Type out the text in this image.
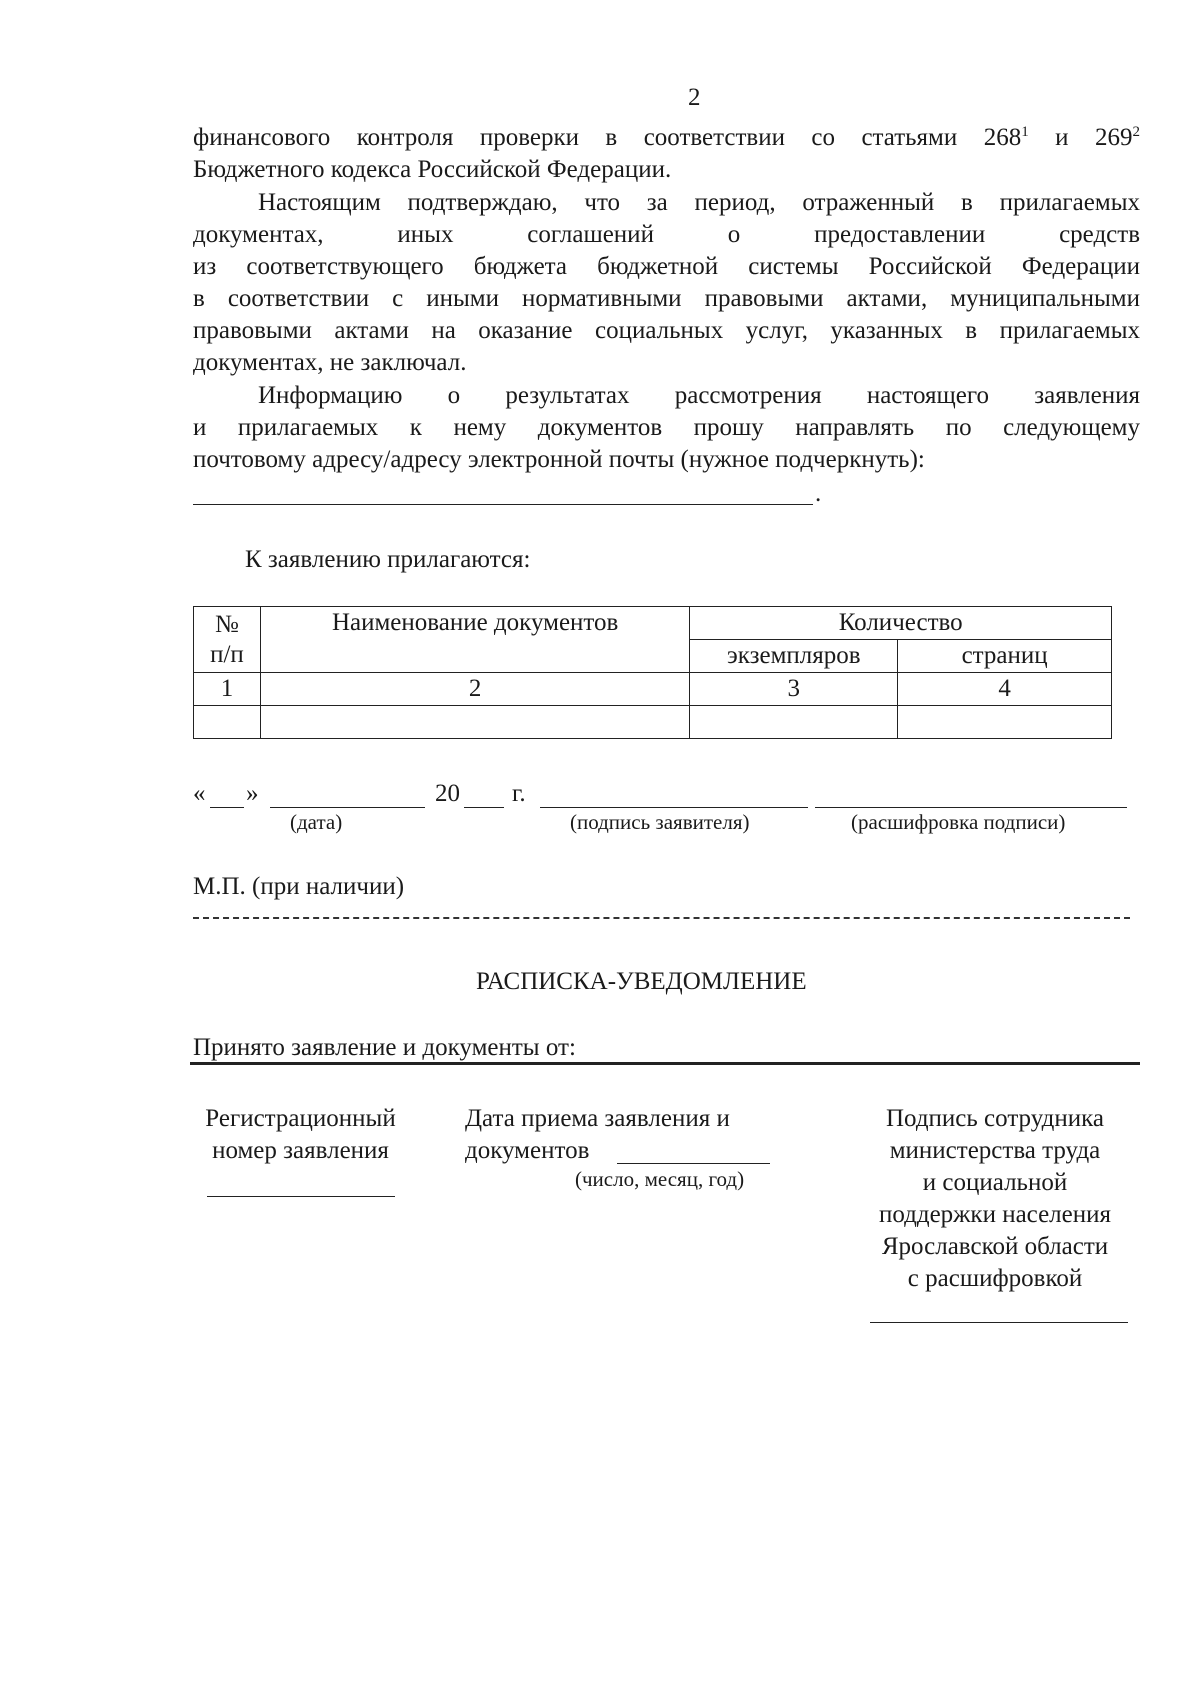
2
финансового контроля проверки в соответствии со статьями $268^1$ и $269^2$
Бюджетного кодекса Российской Федерации.
Настоящим подтверждаю, что за период, отраженный в прилагаемых
документах, иных соглашений о предоставлении средств
из соответствующего бюджета бюджетной системы Российской Федерации
в соответствии с иными нормативными правовыми актами, муниципальными
правовыми актами на оказание социальных услуг, указанных в прилагаемых
документах, не заключал.
Информацию о результатах рассмотрения настоящего заявления
и прилагаемых к нему документов прошу направлять по следующему
почтовому адресу/адресу электронной почты (нужное подчеркнуть):
.
К заявлению прилагаются:
№
п/п	Наименование документов	Количество	
		экземпляров	страниц
1	2	3	4

« »	20 г.
(дата)	(подпись заявителя)	(расшифровка подписи)
М.П. (при наличии)
РАСПИСКА-УВЕДОМЛЕНИЕ
Принято заявление и документы от:
Регистрационный
номер заявления
Дата приема заявления и
документов
(число, месяц, год)
Подпись сотрудника
министерства труда
и социальной
поддержки населения
Ярославской области
с расшифровкой
